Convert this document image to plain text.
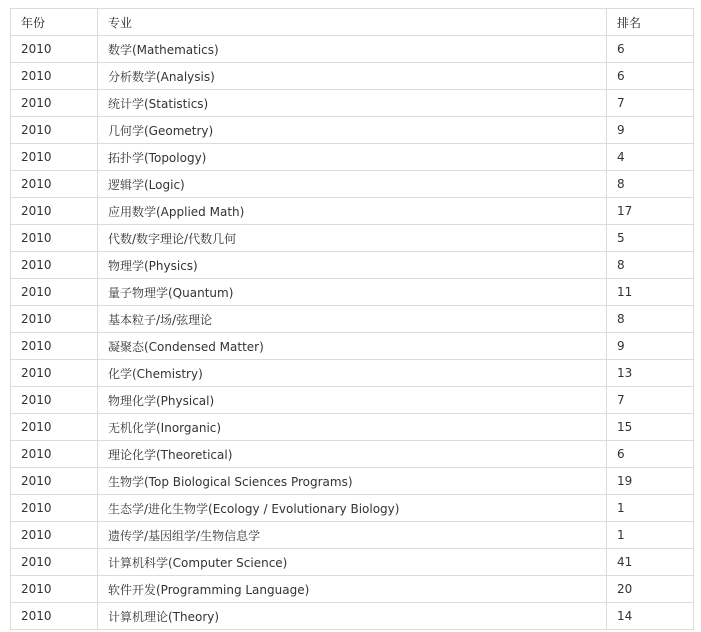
年份	专业	排名
2010	数学(Mathematics)	6
2010	分析数学(Analysis)	6
2010	统计学(Statistics)	7
2010	几何学(Geometry)	9
2010	拓扑学(Topology)	4
2010	逻辑学(Logic)	8
2010	应用数学(Applied Math)	17
2010	代数/数字理论/代数几何	5
2010	物理学(Physics)	8
2010	量子物理学(Quantum)	11
2010	基本粒子/场/弦理论	8
2010	凝聚态(Condensed Matter)	9
2010	化学(Chemistry)	13
2010	物理化学(Physical)	7
2010	无机化学(Inorganic)	15
2010	理论化学(Theoretical)	6
2010	生物学(Top Biological Sciences Programs)	19
2010	生态学/进化生物学(Ecology / Evolutionary Biology)	1
2010	遗传学/基因组学/生物信息学	1
2010	计算机科学(Computer Science)	41
2010	软件开发(Programming Language)	20
2010	计算机理论(Theory)	14
